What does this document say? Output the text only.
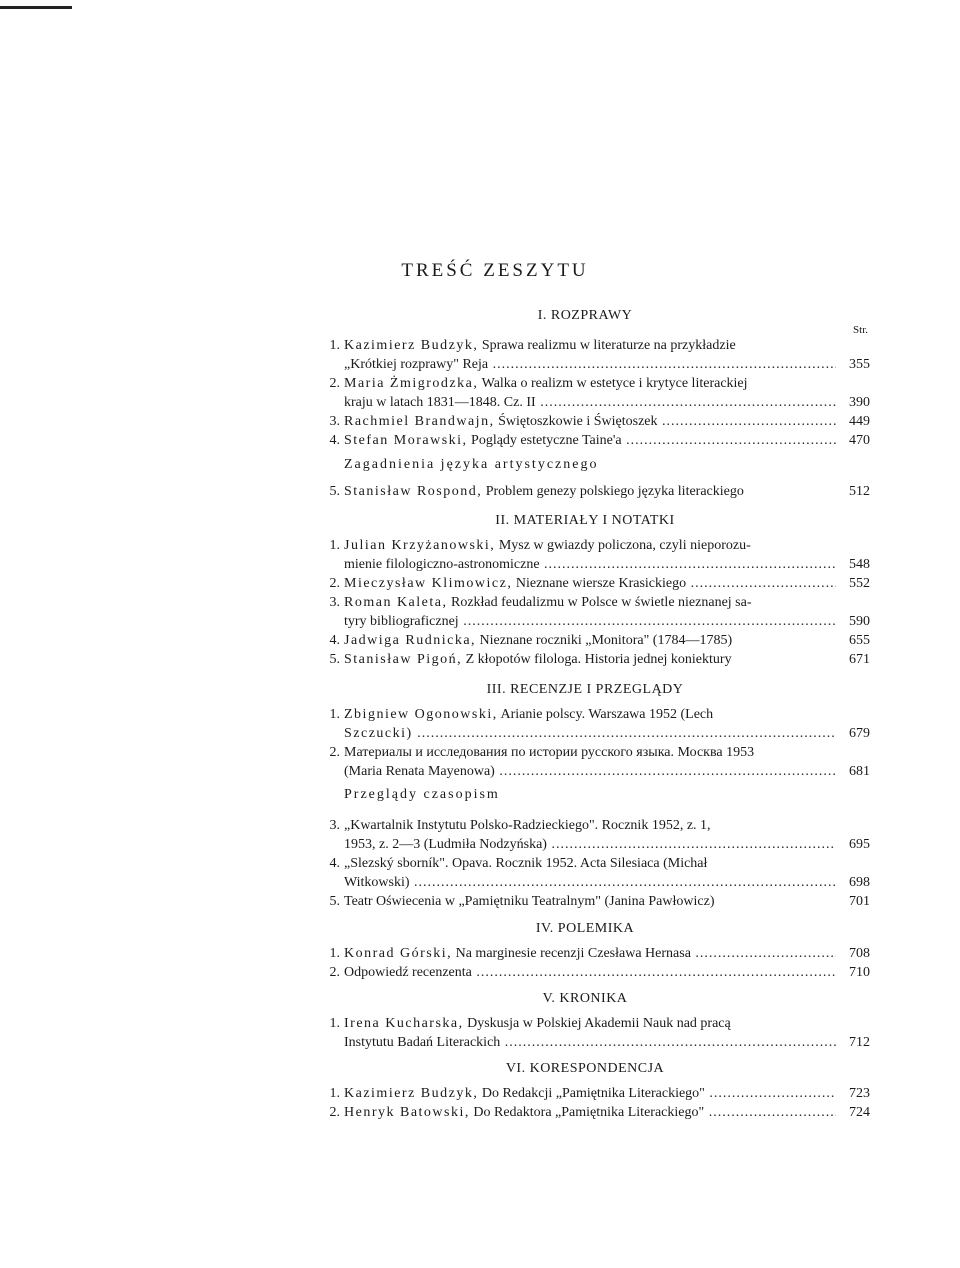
TREŚĆ ZESZYTU
I. ROZPRAWY
Str.
1. Kazimierz Budzyk, Sprawa realizmu w literaturze na przykładzie
„Krótkiej rozprawy" Reja .....	355
2. Maria Żmigrodzka, Walka o realizm w estetyce i krytyce literackiej
kraju w latach 1831—1848. Cz. II .....	390
3. Rachmiel Brandwajn, Świętoszkowie i Świętoszek .....	449
4. Stefan Morawski, Poglądy estetyczne Taine'a .....	470
Zagadnienia języka artystycznego
5. Stanisław Rospond, Problem genezy polskiego języka literackiego	512
II. MATERIAŁY I NOTATKI
1. Julian Krzyżanowski, Mysz w gwiazdy policzona, czyli nieporozu-
mienie filologiczno-astronomiczne .....	548
2. Mieczysław Klimowicz, Nieznane wiersze Krasickiego .....	552
3. Roman Kaleta, Rozkład feudalizmu w Polsce w świetle nieznanej sa-
tyry bibliograficznej .....	590
4. Jadwiga Rudnicka, Nieznane roczniki „Monitora" (1784—1785)	655
5. Stanisław Pigoń, Z kłopotów filologa. Historia jednej koniektury	671
III. RECENZJE I PRZEGLĄDY
1. Zbigniew Ogonowski, Arianie polscy. Warszawa 1952 (Lech
Szczucki) .....	679
2. Материалы и исследования по истории русского языка. Москва 1953
(Maria Renata Mayenowa) .....	681
Przeglądy czasopism
3. „Kwartalnik Instytutu Polsko-Radzieckiego". Rocznik 1952, z. 1,
1953, z. 2—3 (Ludmiła Nodzyńska) .....	695
4. „Slezský sborník". Opava. Rocznik 1952. Acta Silesiaca (Michał
Witkowski) .....	698
5. Teatr Oświecenia w „Pamiętniku Teatralnym" (Janina Pawłowicz)	701
IV. POLEMIKA
1. Konrad Górski, Na marginesie recenzji Czesława Hernasa .....	708
2. Odpowiedź recenzenta .....	710
V. KRONIKA
1. Irena Kucharska, Dyskusja w Polskiej Akademii Nauk nad pracą
Instytutu Badań Literackich .....	712
VI. KORESPONDENCJA
1. Kazimierz Budzyk, Do Redakcji „Pamiętnika Literackiego" .....	723
2. Henryk Batowski, Do Redaktora „Pamiętnika Literackiego" .....	724
